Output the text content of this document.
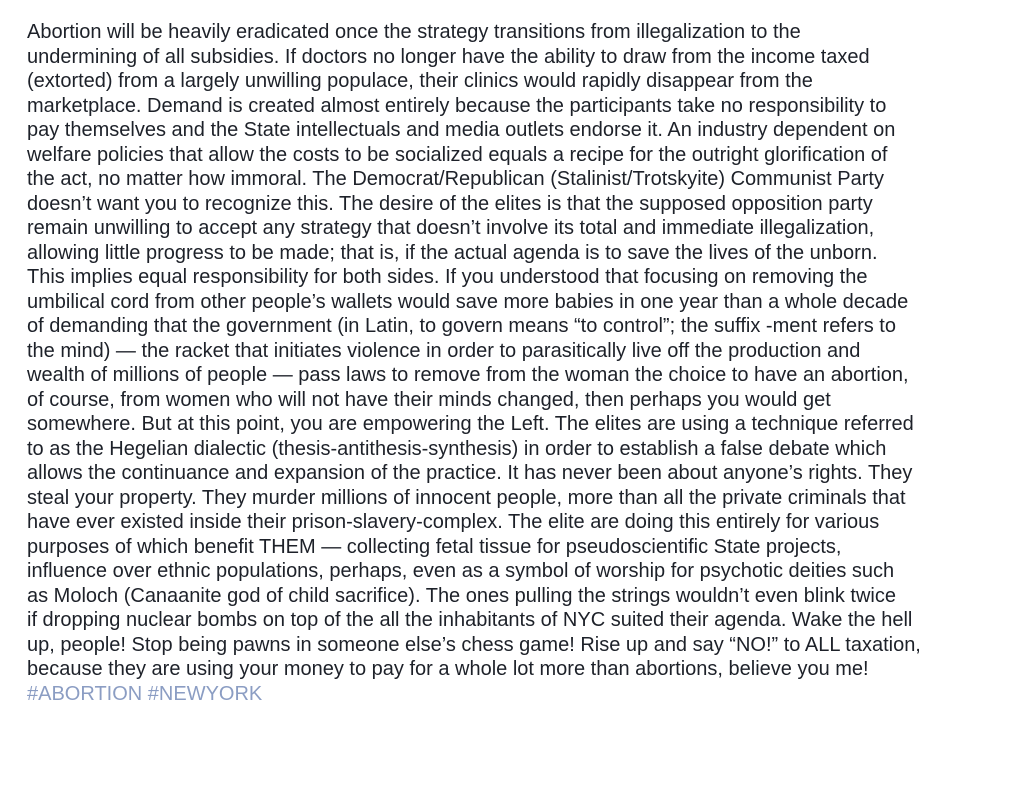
Abortion will be heavily eradicated once the strategy transitions from illegalization to the
undermining of all subsidies. If doctors no longer have the ability to draw from the income taxed
(extorted) from a largely unwilling populace, their clinics would rapidly disappear from the
marketplace. Demand is created almost entirely because the participants take no responsibility to
pay themselves and the State intellectuals and media outlets endorse it. An industry dependent on
welfare policies that allow the costs to be socialized equals a recipe for the outright glorification of
the act, no matter how immoral. The Democrat/Republican (Stalinist/Trotskyite) Communist Party
doesn’t want you to recognize this. The desire of the elites is that the supposed opposition party
remain unwilling to accept any strategy that doesn’t involve its total and immediate illegalization,
allowing little progress to be made; that is, if the actual agenda is to save the lives of the unborn.
This implies equal responsibility for both sides. If you understood that focusing on removing the
umbilical cord from other people’s wallets would save more babies in one year than a whole decade
of demanding that the government (in Latin, to govern means “to control”; the suffix -ment refers to
the mind) — the racket that initiates violence in order to parasitically live off the production and
wealth of millions of people — pass laws to remove from the woman the choice to have an abortion,
of course, from women who will not have their minds changed, then perhaps you would get
somewhere. But at this point, you are empowering the Left. The elites are using a technique referred
to as the Hegelian dialectic (thesis-antithesis-synthesis) in order to establish a false debate which
allows the continuance and expansion of the practice. It has never been about anyone’s rights. They
steal your property. They murder millions of innocent people, more than all the private criminals that
have ever existed inside their prison-slavery-complex. The elite are doing this entirely for various
purposes of which benefit THEM — collecting fetal tissue for pseudoscientific State projects,
influence over ethnic populations, perhaps, even as a symbol of worship for psychotic deities such
as Moloch (Canaanite god of child sacrifice). The ones pulling the strings wouldn’t even blink twice
if dropping nuclear bombs on top of the all the inhabitants of NYC suited their agenda. Wake the hell
up, people! Stop being pawns in someone else’s chess game! Rise up and say “NO!” to ALL taxation,
because they are using your money to pay for a whole lot more than abortions, believe you me!
#ABORTION #NEWYORK
